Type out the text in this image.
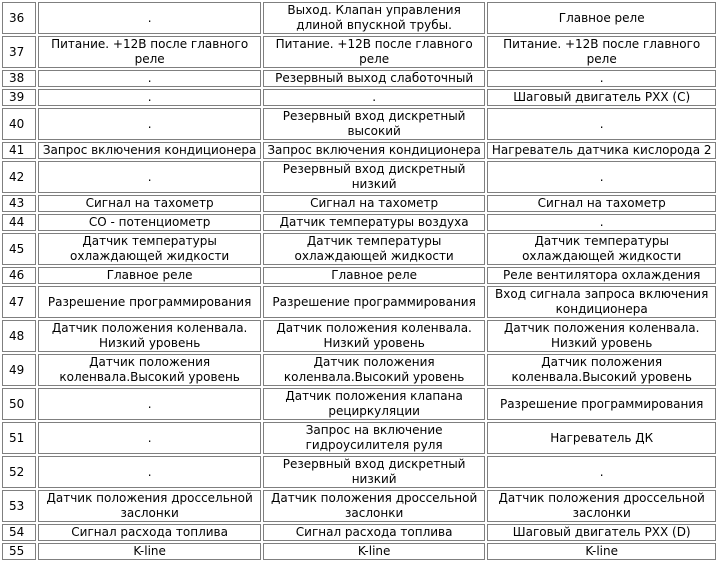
36	.	Выход. Клапан управления длиной впускной трубы.	Главное реле
37	Питание. +12В после главного реле	Питание. +12В после главного реле	Питание. +12В после главного реле
38	.	Резервный выход слаботочный	.
39	.	.	Шаговый двигатель РХХ (C)
40	.	Резервный вход дискретный высокий	.
41	Запрос включения кондиционера	Запрос включения кондиционера	Нагреватель датчика кислорода 2
42	.	Резервный вход дискретный низкий	.
43	Сигнал на тахометр	Сигнал на тахометр	Сигнал на тахометр
44	СО - потенциометр	Датчик температуры воздуха	.
45	Датчик температуры охлаждающей жидкости	Датчик температуры охлаждающей жидкости	Датчик температуры охлаждающей жидкости
46	Главное реле	Главное реле	Реле вентилятора охлаждения
47	Разрешение программирования	Разрешение программирования	Вход сигнала запроса включения кондиционера
48	Датчик положения коленвала. Низкий уровень	Датчик положения коленвала. Низкий уровень	Датчик положения коленвала. Низкий уровень
49	Датчик положения коленвала.Высокий уровень	Датчик положения коленвала.Высокий уровень	Датчик положения коленвала.Высокий уровень
50	.	Датчик положения клапана рециркуляции	Разрешение программирования
51	.	Запрос на включение гидроусилителя руля	Нагреватель ДК
52	.	Резервный вход дискретный низкий	.
53	Датчик положения дроссельной заслонки	Датчик положения дроссельной заслонки	Датчик положения дроссельной заслонки
54	Сигнал расхода топлива	Сигнал расхода топлива	Шаговый двигатель РХХ (D)
55	K-line	K-line	K-line
